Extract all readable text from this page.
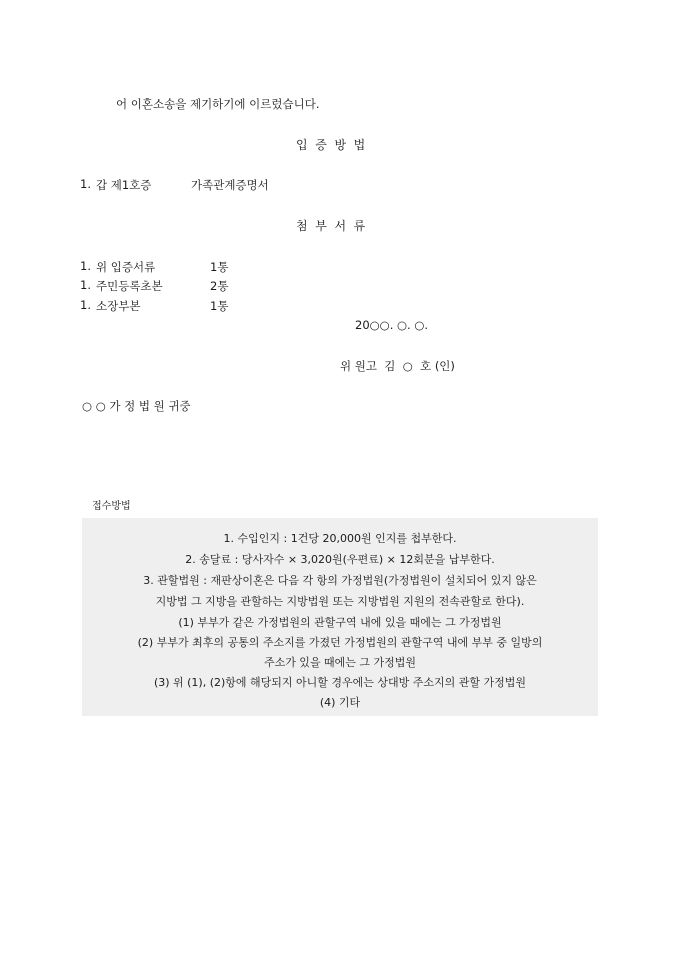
어 이혼소송을 제기하기에 이르렀습니다.
입  증  방  법
1. 갑 제1호증	가족관계증명서
첨  부  서  류
1. 위 입증서류	1통
1. 주민등록초본	2통
1. 소장부본	1통
20○○. ○. ○.
위 원고  김  ○  호 (인)
○ ○ 가 정 법 원 귀중
접수방법
1. 수입인지 : 1건당 20,000원 인지를 첩부한다.
2. 송달료 : 당사자수 × 3,020원(우편료) × 12회분을 납부한다.
3. 관할법원 : 재판상이혼은 다음 각 항의 가정법원(가정법원이 설치되어 있지 않은
지방법 그 지방을 관할하는 지방법원 또는 지방법원 지원의 전속관할로 한다).
(1) 부부가 같은 가정법원의 관할구역 내에 있을 때에는 그 가정법원
(2) 부부가 최후의 공통의 주소지를 가졌던 가정법원의 관할구역 내에 부부 중 일방의
주소가 있을 때에는 그 가정법원
(3) 위 (1), (2)항에 해당되지 아니할 경우에는 상대방 주소지의 관할 가정법원
(4) 기타
